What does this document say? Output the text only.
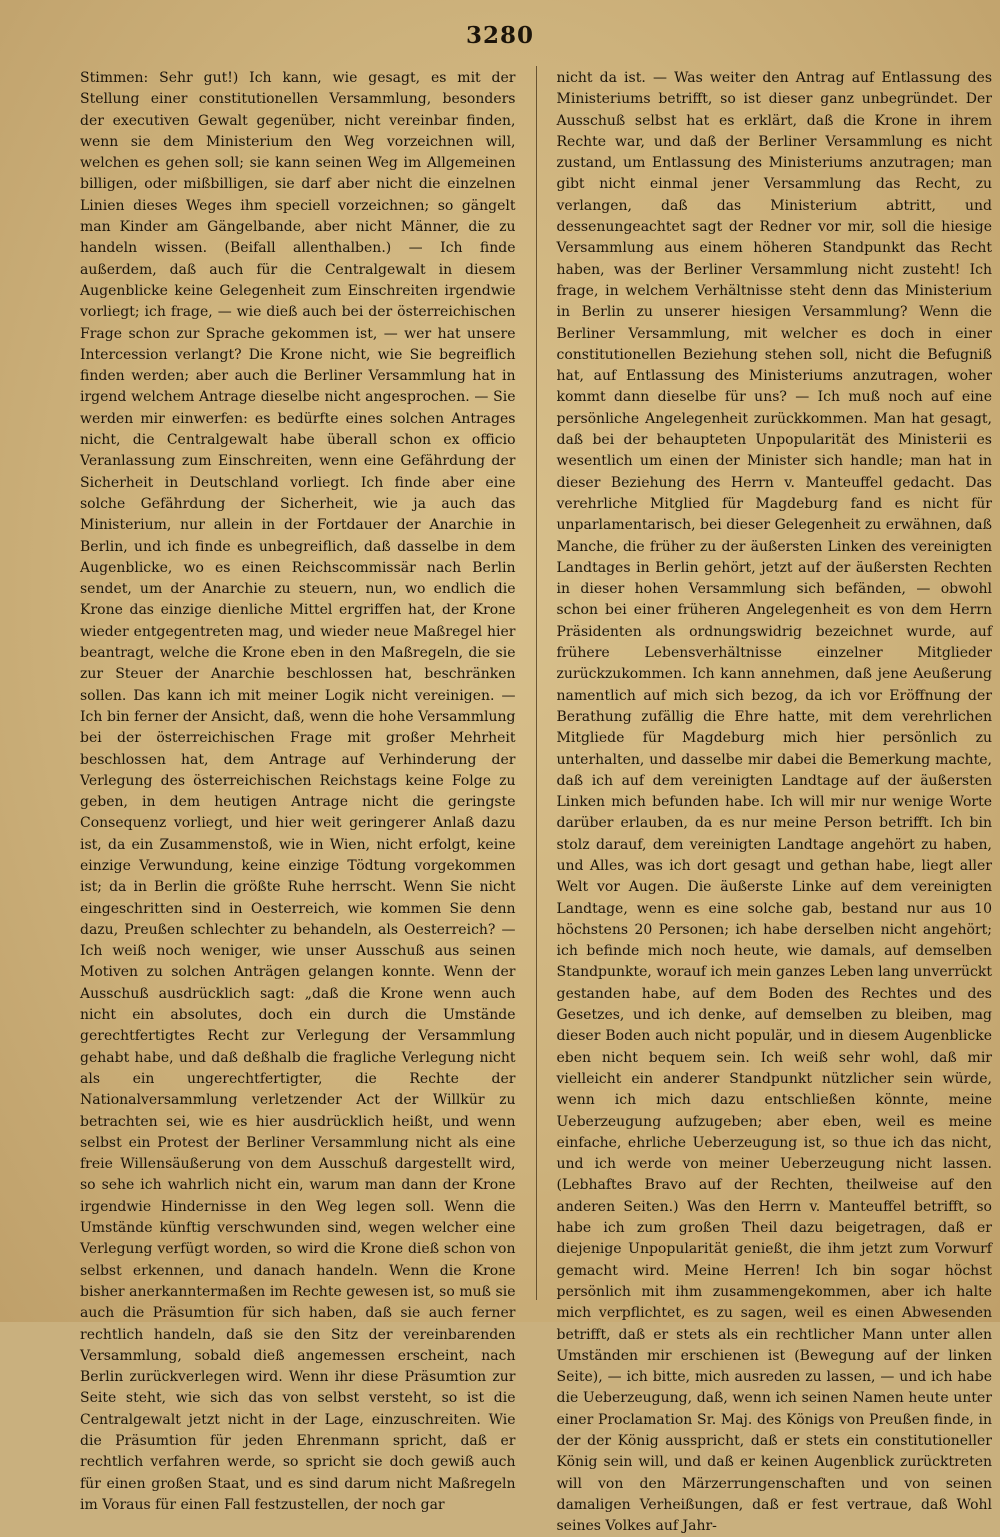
3280
Stimmen: Sehr gut!) Ich kann, wie gesagt, es mit der Stellung einer constitutionellen Versammlung, besonders der executiven Gewalt gegenüber, nicht vereinbar finden, wenn sie dem Ministerium den Weg vorzeichnen will, welchen es gehen soll; sie kann seinen Weg im Allgemeinen billigen, oder mißbilligen, sie darf aber nicht die einzelnen Linien dieses Weges ihm speciell vorzeichnen; so gängelt man Kinder am Gängelbande, aber nicht Männer, die zu handeln wissen. (Beifall allenthalben.) — Ich finde außerdem, daß auch für die Centralgewalt in diesem Augenblicke keine Gelegenheit zum Einschreiten irgendwie vorliegt; ich frage, — wie dieß auch bei der österreichischen Frage schon zur Sprache gekommen ist, — wer hat unsere Intercession verlangt? Die Krone nicht, wie Sie begreiflich finden werden; aber auch die Berliner Versammlung hat in irgend welchem Antrage dieselbe nicht angesprochen. — Sie werden mir einwerfen: es bedürfte eines solchen Antrages nicht, die Centralgewalt habe überall schon ex officio Veranlassung zum Einschreiten, wenn eine Gefährdung der Sicherheit in Deutschland vorliegt. Ich finde aber eine solche Gefährdung der Sicherheit, wie ja auch das Ministerium, nur allein in der Fortdauer der Anarchie in Berlin, und ich finde es unbegreiflich, daß dasselbe in dem Augenblicke, wo es einen Reichscommissär nach Berlin sendet, um der Anarchie zu steuern, nun, wo endlich die Krone das einzige dienliche Mittel ergriffen hat, der Krone wieder entgegentreten mag, und wieder neue Maßregel hier beantragt, welche die Krone eben in den Maßregeln, die sie zur Steuer der Anarchie beschlossen hat, beschränken sollen. Das kann ich mit meiner Logik nicht vereinigen. — Ich bin ferner der Ansicht, daß, wenn die hohe Versammlung bei der österreichischen Frage mit großer Mehrheit beschlossen hat, dem Antrage auf Verhinderung der Verlegung des österreichischen Reichstags keine Folge zu geben, in dem heutigen Antrage nicht die geringste Consequenz vorliegt, und hier weit geringerer Anlaß dazu ist, da ein Zusammenstoß, wie in Wien, nicht erfolgt, keine einzige Verwundung, keine einzige Tödtung vorgekommen ist; da in Berlin die größte Ruhe herrscht. Wenn Sie nicht eingeschritten sind in Oesterreich, wie kommen Sie denn dazu, Preußen schlechter zu behandeln, als Oesterreich? — Ich weiß noch weniger, wie unser Ausschuß aus seinen Motiven zu solchen Anträgen gelangen konnte. Wenn der Ausschuß ausdrücklich sagt: „daß die Krone wenn auch nicht ein absolutes, doch ein durch die Umstände gerechtfertigtes Recht zur Verlegung der Versammlung gehabt habe, und daß deßhalb die fragliche Verlegung nicht als ein ungerechtfertigter, die Rechte der Nationalversammlung verletzender Act der Willkür zu betrachten sei, wie es hier ausdrücklich heißt, und wenn selbst ein Protest der Berliner Versammlung nicht als eine freie Willensäußerung von dem Ausschuß dargestellt wird, so sehe ich wahrlich nicht ein, warum man dann der Krone irgendwie Hindernisse in den Weg legen soll. Wenn die Umstände künftig verschwunden sind, wegen welcher eine Verlegung verfügt worden, so wird die Krone dieß schon von selbst erkennen, und danach handeln. Wenn die Krone bisher anerkanntermaßen im Rechte gewesen ist, so muß sie auch die Präsumtion für sich haben, daß sie auch ferner rechtlich handeln, daß sie den Sitz der vereinbarenden Versammlung, sobald dieß angemessen erscheint, nach Berlin zurückverlegen wird. Wenn ihr diese Präsumtion zur Seite steht, wie sich das von selbst versteht, so ist die Centralgewalt jetzt nicht in der Lage, einzuschreiten. Wie die Präsumtion für jeden Ehrenmann spricht, daß er rechtlich verfahren werde, so spricht sie doch gewiß auch für einen großen Staat, und es sind darum nicht Maßregeln im Voraus für einen Fall festzustellen, der noch gar
nicht da ist. — Was weiter den Antrag auf Entlassung des Ministeriums betrifft, so ist dieser ganz unbegründet. Der Ausschuß selbst hat es erklärt, daß die Krone in ihrem Rechte war, und daß der Berliner Versammlung es nicht zustand, um Entlassung des Ministeriums anzutragen; man gibt nicht einmal jener Versammlung das Recht, zu verlangen, daß das Ministerium abtritt, und dessenungeachtet sagt der Redner vor mir, soll die hiesige Versammlung aus einem höheren Standpunkt das Recht haben, was der Berliner Versammlung nicht zusteht! Ich frage, in welchem Verhältnisse steht denn das Ministerium in Berlin zu unserer hiesigen Versammlung? Wenn die Berliner Versammlung, mit welcher es doch in einer constitutionellen Beziehung stehen soll, nicht die Befugniß hat, auf Entlassung des Ministeriums anzutragen, woher kommt dann dieselbe für uns? — Ich muß noch auf eine persönliche Angelegenheit zurückkommen. Man hat gesagt, daß bei der behaupteten Unpopularität des Ministerii es wesentlich um einen der Minister sich handle; man hat in dieser Beziehung des Herrn v. Manteuffel gedacht. Das verehrliche Mitglied für Magdeburg fand es nicht für unparlamentarisch, bei dieser Gelegenheit zu erwähnen, daß Manche, die früher zu der äußersten Linken des vereinigten Landtages in Berlin gehört, jetzt auf der äußersten Rechten in dieser hohen Versammlung sich befänden, — obwohl schon bei einer früheren Angelegenheit es von dem Herrn Präsidenten als ordnungswidrig bezeichnet wurde, auf frühere Lebensverhältnisse einzelner Mitglieder zurückzukommen. Ich kann annehmen, daß jene Aeußerung namentlich auf mich sich bezog, da ich vor Eröffnung der Berathung zufällig die Ehre hatte, mit dem verehrlichen Mitgliede für Magdeburg mich hier persönlich zu unterhalten, und dasselbe mir dabei die Bemerkung machte, daß ich auf dem vereinigten Landtage auf der äußersten Linken mich befunden habe. Ich will mir nur wenige Worte darüber erlauben, da es nur meine Person betrifft. Ich bin stolz darauf, dem vereinigten Landtage angehört zu haben, und Alles, was ich dort gesagt und gethan habe, liegt aller Welt vor Augen. Die äußerste Linke auf dem vereinigten Landtage, wenn es eine solche gab, bestand nur aus 10 höchstens 20 Personen; ich habe derselben nicht angehört; ich befinde mich noch heute, wie damals, auf demselben Standpunkte, worauf ich mein ganzes Leben lang unverrückt gestanden habe, auf dem Boden des Rechtes und des Gesetzes, und ich denke, auf demselben zu bleiben, mag dieser Boden auch nicht populär, und in diesem Augenblicke eben nicht bequem sein. Ich weiß sehr wohl, daß mir vielleicht ein anderer Standpunkt nützlicher sein würde, wenn ich mich dazu entschließen könnte, meine Ueberzeugung aufzugeben; aber eben, weil es meine einfache, ehrliche Ueberzeugung ist, so thue ich das nicht, und ich werde von meiner Ueberzeugung nicht lassen. (Lebhaftes Bravo auf der Rechten, theilweise auf den anderen Seiten.) Was den Herrn v. Manteuffel betrifft, so habe ich zum großen Theil dazu beigetragen, daß er diejenige Unpopularität genießt, die ihm jetzt zum Vorwurf gemacht wird. Meine Herren! Ich bin sogar höchst persönlich mit ihm zusammengekommen, aber ich halte mich verpflichtet, es zu sagen, weil es einen Abwesenden betrifft, daß er stets als ein rechtlicher Mann unter allen Umständen mir erschienen ist (Bewegung auf der linken Seite), — ich bitte, mich ausreden zu lassen, — und ich habe die Ueberzeugung, daß, wenn ich seinen Namen heute unter einer Proclamation Sr. Maj. des Königs von Preußen finde, in der der König ausspricht, daß er stets ein constitutioneller König sein will, und daß er keinen Augenblick zurücktreten will von den Märzerrungenschaften und von seinen damaligen Verheißungen, daß er fest vertraue, daß Wohl seines Volkes auf Jahr-
